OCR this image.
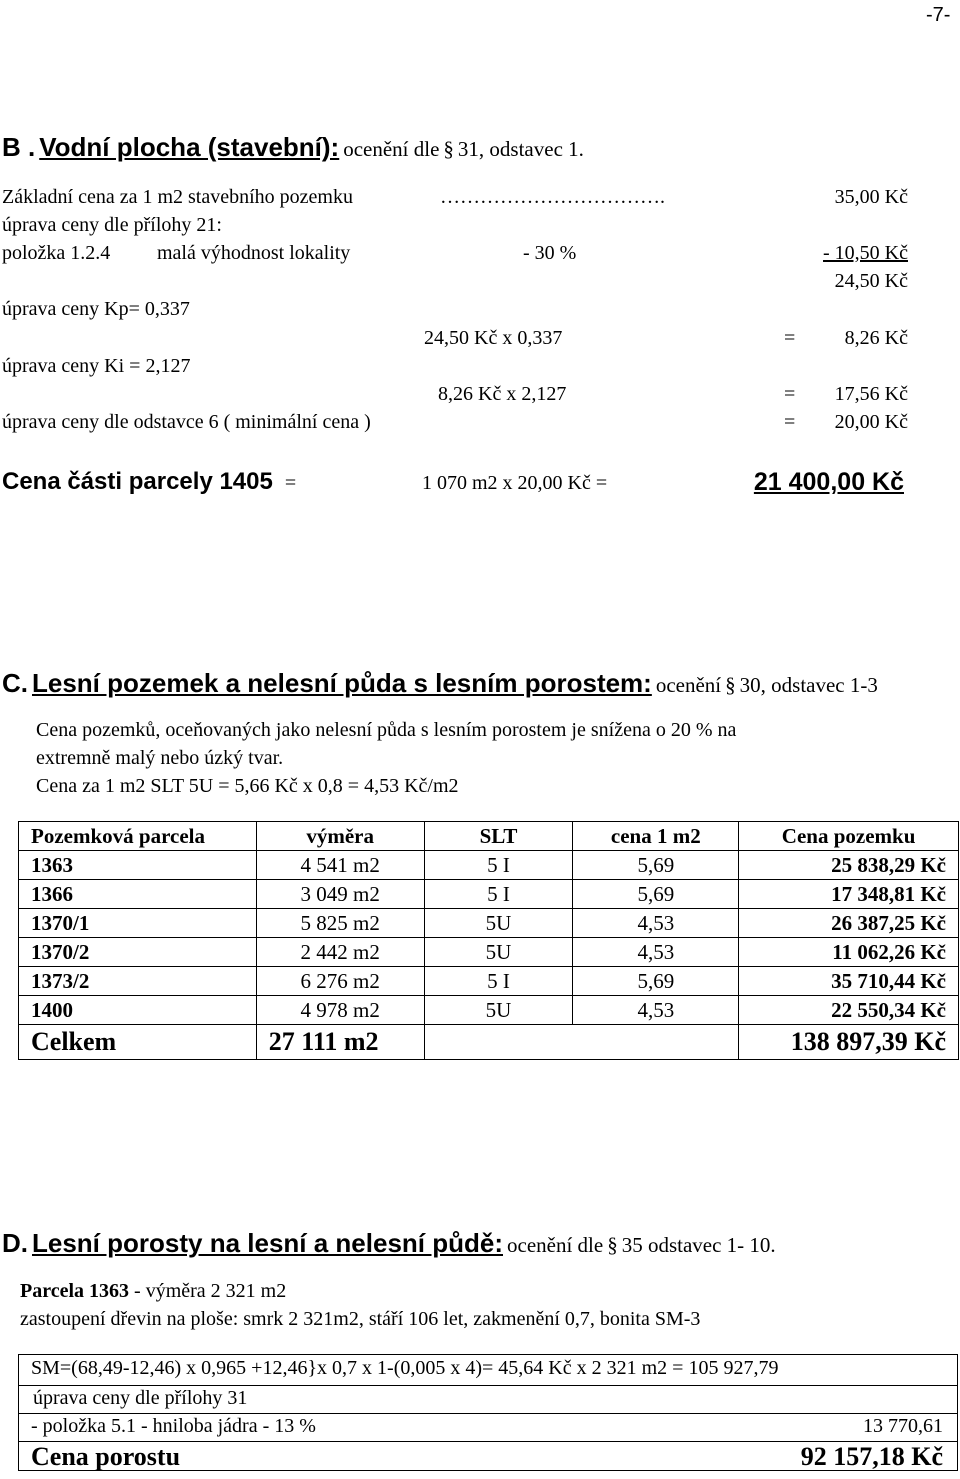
-7-
B . Vodní plocha (stavební): ocenění dle § 31, odstavec 1.
Základní cena za 1 m2 stavebního pozemku	…………………………….	35,00 Kč
úprava ceny dle přílohy 21:
položka 1.2.4 malá výhodnost lokality	- 30 %	- 10,50 Kč
24,50 Kč
úprava ceny Kp= 0,337
24,50 Kč x 0,337	= 8,26 Kč
úprava ceny Ki = 2,127
8,26 Kč x 2,127	= 17,56 Kč
úprava ceny dle odstavce 6 ( minimální cena )	= 20,00 Kč
Cena části parcely 1405 =	1 070 m2 x 20,00 Kč =	21 400,00 Kč
C. Lesní pozemek a nelesní půda s lesním porostem: ocenění § 30, odstavec 1-3
Cena pozemků, oceňovaných jako nelesní půda s lesním porostem je snížena o 20 % na
extremně malý nebo úzký tvar.
Cena za 1 m2 SLT 5U = 5,66 Kč x 0,8 = 4,53 Kč/m2
Pozemková parcela	výměra	SLT	cena 1 m2	Cena pozemku
1363	4 541 m2	5 I	5,69	25 838,29 Kč
1366	3 049 m2	5 I	5,69	17 348,81 Kč
1370/1	5 825 m2	5U	4,53	26 387,25 Kč
1370/2	2 442 m2	5U	4,53	11 062,26 Kč
1373/2	6 276 m2	5 I	5,69	35 710,44 Kč
1400	4 978 m2	5U	4,53	22 550,34 Kč
Celkem	27 111 m2			138 897,39 Kč
D. Lesní porosty na lesní a nelesní půdě: ocenění dle § 35 odstavec 1- 10.
Parcela 1363 - výměra 2 321 m2
zastoupení dřevin na ploše: smrk 2 321m2, stáří 106 let, zakmenění 0,7, bonita SM-3
SM=(68,49-12,46) x 0,965 +12,46}x 0,7 x 1-(0,005 x 4)= 45,64 Kč x 2 321 m2 = 105 927,79
úprava ceny dle přílohy 31
- položka 5.1 - hniloba jádra - 13 %	13 770,61
Cena porostu	92 157,18 Kč
